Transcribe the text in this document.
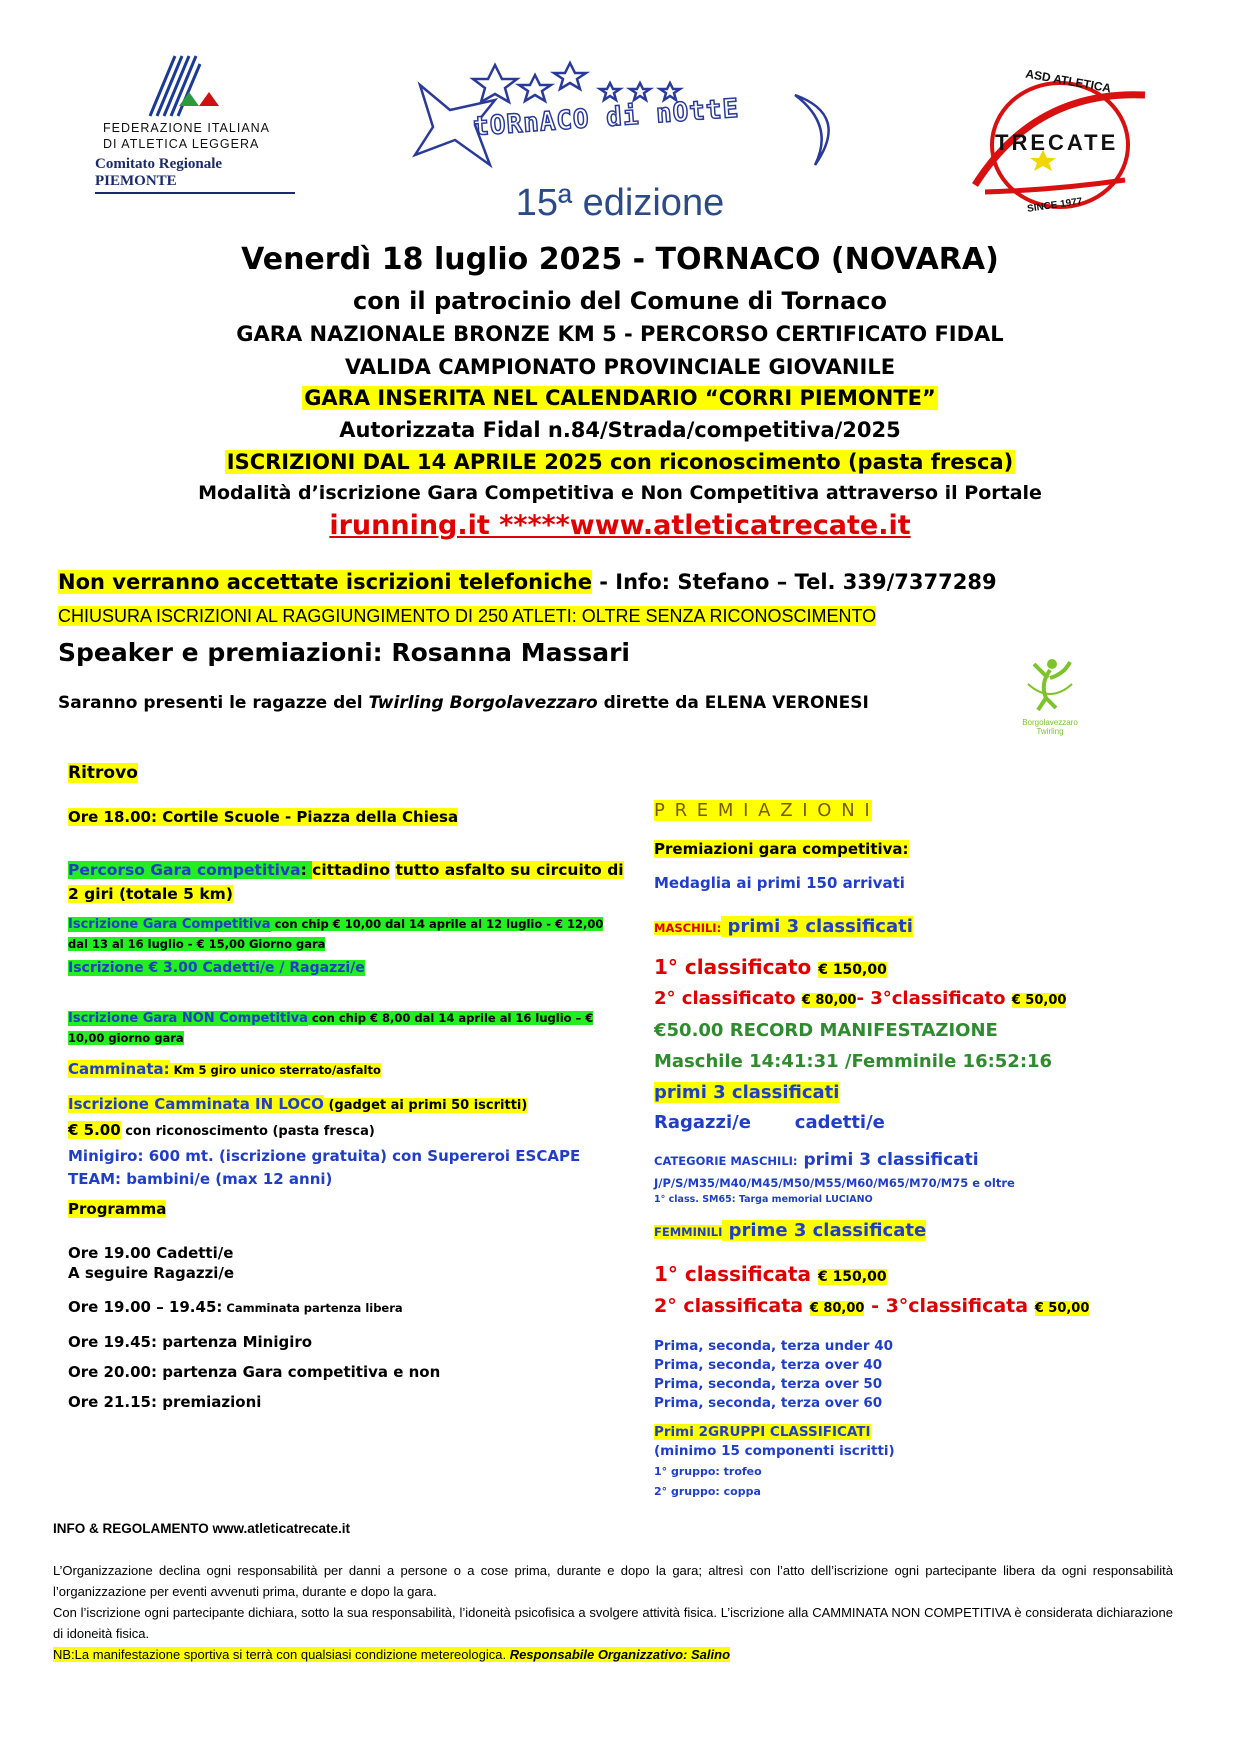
FEDERAZIONE ITALIANA
DI ATLETICA LEGGERA
Comitato Regionale PIEMONTE
tORnACO di nOttE
ASD ATLETICA
TRECATE
SINCE 1977
15ª edizione
Venerdì 18 luglio 2025 - TORNACO (NOVARA)
con il patrocinio del Comune di Tornaco
GARA NAZIONALE BRONZE KM 5 - PERCORSO CERTIFICATO FIDAL
VALIDA CAMPIONATO PROVINCIALE GIOVANILE
GARA INSERITA NEL CALENDARIO “CORRI PIEMONTE”
Autorizzata Fidal n.84/Strada/competitiva/2025
ISCRIZIONI DAL 14 APRILE 2025 con riconoscimento (pasta fresca)
Modalità d’iscrizione Gara Competitiva e Non Competitiva attraverso il Portale
irunning.it *****www.atleticatrecate.it
Non verranno accettate iscrizioni telefoniche - Info: Stefano – Tel. 339/7377289
CHIUSURA ISCRIZIONI AL RAGGIUNGIMENTO DI 250 ATLETI: OLTRE SENZA RICONOSCIMENTO
Speaker e premiazioni: Rosanna Massari
Saranno presenti le ragazze del Twirling Borgolavezzaro dirette da ELENA VERONESI
Borgolavezzaro Twirling
Ritrovo
Ore 18.00: Cortile Scuole - Piazza della Chiesa
Percorso Gara competitiva: cittadino tutto asfalto su circuito di
2 giri (totale 5 km)
Iscrizione Gara Competitiva con chip € 10,00 dal 14 aprile al 12 luglio - € 12,00
dal 13 al 16 luglio - € 15,00 Giorno gara
Iscrizione € 3.00 Cadetti/e / Ragazzi/e
Iscrizione Gara NON Competitiva con chip € 8,00 dal 14 aprile al 16 luglio – €
10,00 giorno gara
Camminata: Km 5 giro unico sterrato/asfalto
Iscrizione Camminata IN LOCO (gadget ai primi 50 iscritti)
€ 5.00 con riconoscimento (pasta fresca)
Minigiro: 600 mt. (iscrizione gratuita) con Supereroi ESCAPE
TEAM: bambini/e (max 12 anni)
Programma
Ore 19.00 Cadetti/e
A seguire Ragazzi/e
Ore 19.00 – 19.45: Camminata partenza libera
Ore 19.45: partenza Minigiro
Ore 20.00: partenza Gara competitiva e non
Ore 21.15: premiazioni
P R E M I A Z I O N I
Premiazioni gara competitiva:
Medaglia ai primi 150 arrivati
MASCHILI: primi 3 classificati
1° classificato € 150,00
2° classificato € 80,00- 3°classificato € 50,00
€50.00 RECORD MANIFESTAZIONE
Maschile 14:41:31 /Femminile 16:52:16
primi 3 classificati
Ragazzi/e       cadetti/e
CATEGORIE MASCHILI: primi 3 classificati
J/P/S/M35/M40/M45/M50/M55/M60/M65/M70/M75 e oltre
1° class. SM65: Targa memorial LUCIANO
FEMMINILI prime 3 classificate
1° classificata € 150,00
2° classificata € 80,00 - 3°classificata € 50,00
Prima, seconda, terza under 40
Prima, seconda, terza over 40
Prima, seconda, terza over 50
Prima, seconda, terza over 60
Primi 2GRUPPI CLASSIFICATI
(minimo 15 componenti iscritti)
1° gruppo: trofeo
2° gruppo: coppa
INFO & REGOLAMENTO www.atleticatrecate.it
L’Organizzazione declina ogni responsabilità per danni a persone o a cose prima, durante e dopo la gara; altresì con l’atto dell’iscrizione ogni partecipante libera da ogni responsabilità l’organizzazione per eventi avvenuti prima, durante e dopo la gara.
Con l’iscrizione ogni partecipante dichiara, sotto la sua responsabilità, l’idoneità psicofisica a svolgere attività fisica. L’iscrizione alla CAMMINATA NON COMPETITIVA è considerata dichiarazione di idoneità fisica.
NB:La manifestazione sportiva si terrà con qualsiasi condizione metereologica. Responsabile Organizzativo: Salino
